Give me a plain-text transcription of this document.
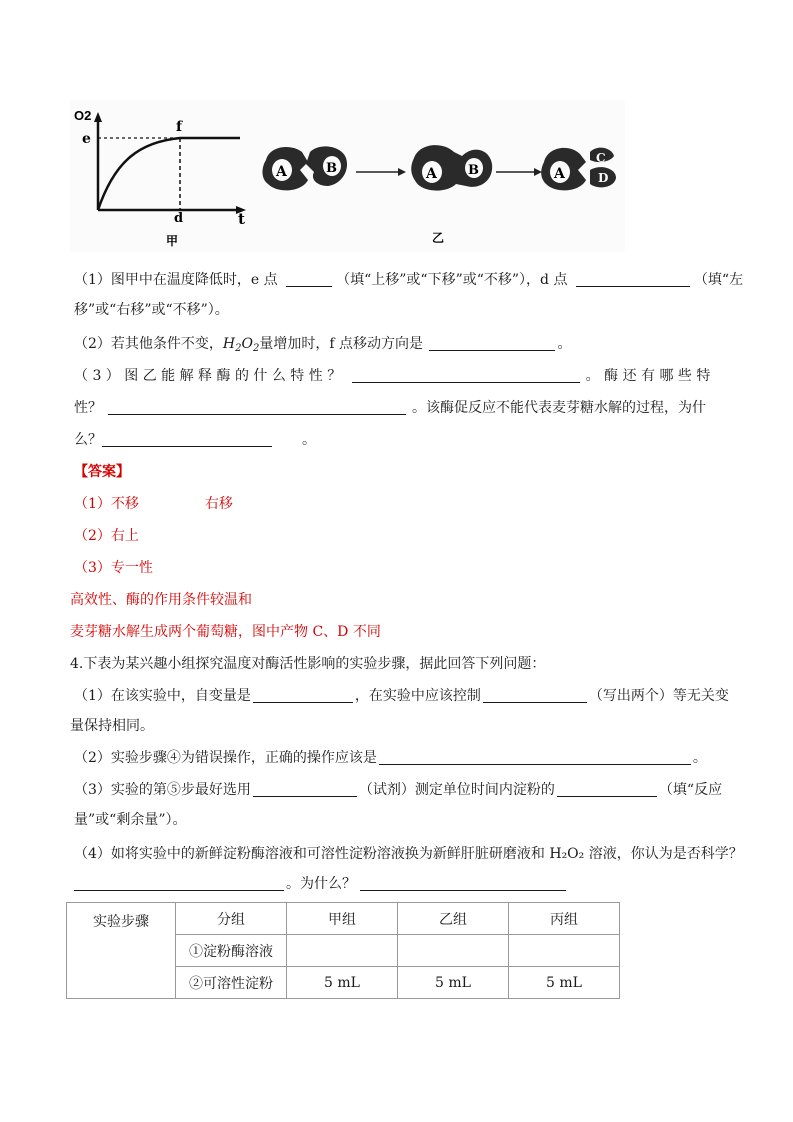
O2
e
f
d	t
甲
A	B	A B	A
C
D
乙
（1）图甲中在温度降低时，e 点	（填“上移”或“下移”或“不移”），d 点	（填“左
移”或“右移”或“不移”）。
（2）若其他条件不变，$H_2O_2$量增加时，f 点移动方向是	。
（ 3 ） 图 乙 能 解 释 酶 的 什 么 特 性 ？	。 酶 还 有 哪 些 特
性？	。该酶促反应不能代表麦芽糖水解的过程，为什
么？	。
【答案】
（1）不移	右移
（2）右上
（3）专一性
高效性、酶的作用条件较温和
麦芽糖水解生成两个葡萄糖，图中产物 C、D 不同
4.下表为某兴趣小组探究温度对酶活性影响的实验步骤，据此回答下列问题：
（1）在该实验中，自变量是	，在实验中应该控制	（写出两个）等无关变
量保持相同。
（2）实验步骤④为错误操作，正确的操作应该是	。
（3）实验的第⑤步最好选用	（试剂）测定单位时间内淀粉的	（填“反应
量”或“剩余量”）。
（4）如将实验中的新鲜淀粉酶溶液和可溶性淀粉溶液换为新鲜肝脏研磨液和 H₂O₂ 溶液，你认为是否科学？
。为什么？
实验步骤	分组	甲组	乙组	丙组
	①淀粉酶溶液			
	②可溶性淀粉	5 mL	5 mL	5 mL
